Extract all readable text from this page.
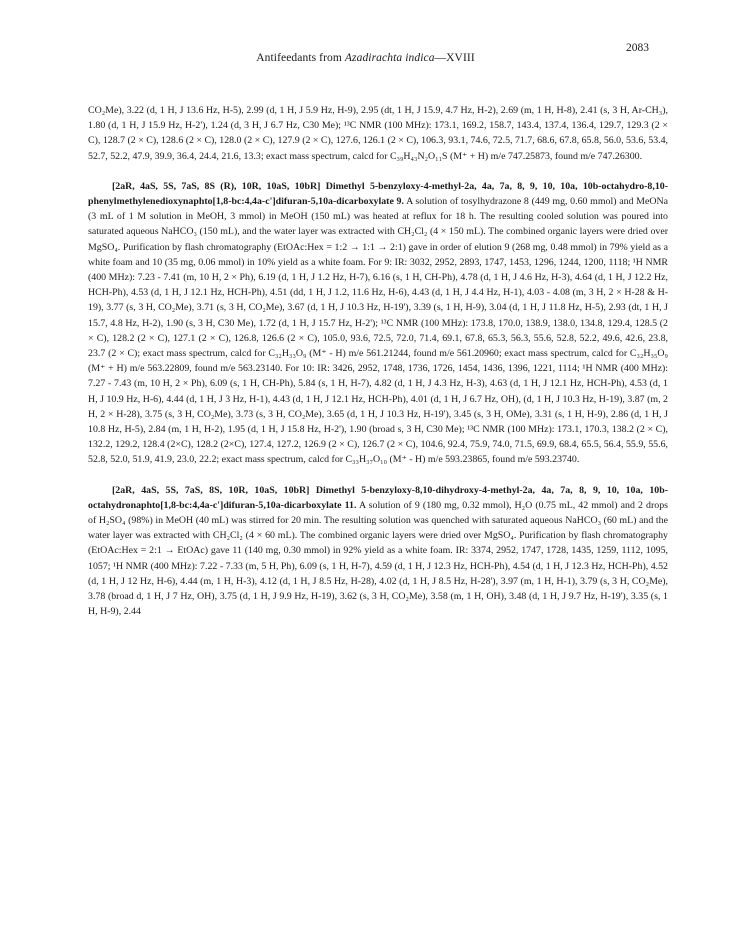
Antifeedants from Azadirachta indica—XVIII
2083

CO₂Me), 3.22 (d, 1 H, J 13.6 Hz, H-5), 2.99 (d, 1 H, J 5.9 Hz, H-9), 2.95 (dt, 1 H, J 15.9, 4.7 Hz, H-2), 2.69 (m, 1 H, H-8), 2.41 (s, 3 H, Ar-CH₃), 1.80 (d, 1 H, J 15.9 Hz, H-2'), 1.24 (d, 3 H, J 6.7 Hz, C30 Me); ¹³C NMR (100 MHz): 173.1, 169.2, 158.7, 143.4, 137.4, 136.4, 129.7, 129.3 (2 × C), 128.7 (2 × C), 128.6 (2 × C), 128.0 (2 × C), 127.9 (2 × C), 127.6, 126.1 (2 × C), 106.3, 93.1, 74.6, 72.5, 71.7, 68.6, 67.8, 65.8, 56.0, 53.6, 53.4, 52.7, 52.2, 47.9, 39.9, 36.4, 24.4, 21.6, 13.3; exact mass spectrum, calcd for C₃₉H₄₃N₂O₁₁S (M⁺ + H) m/e 747.25873, found m/e 747.26300.

[2aR, 4aS, 5S, 7aS, 8S (R), 10R, 10aS, 10bR] Dimethyl 5-benzyloxy-4-methyl-2a, 4a, 7a, 8, 9, 10, 10a, 10b-octahydro-8,10-phenylmethylenedioxynaphto[1,8-bc:4,4a-c']difuran-5,10a-dicarboxylate 9. A solution of tosylhydrazone 8 (449 mg, 0.60 mmol) and MeONa (3 mL of 1 M solution in MeOH, 3 mmol) in MeOH (150 mL) was heated at reflux for 18 h. The resulting cooled solution was poured into saturated aqueous NaHCO₃ (150 mL), and the water layer was extracted with CH₂Cl₂ (4 × 150 mL). The combined organic layers were dried over MgSO₄. Purification by flash chromatography (EtOAc:Hex = 1:2 → 1:1 → 2:1) gave in order of elution 9 (268 mg, 0.48 mmol) in 79% yield as a white foam and 10 (35 mg, 0.06 mmol) in 10% yield as a white foam. For 9: IR: 3032, 2952, 2893, 1747, 1453, 1296, 1244, 1200, 1118; ¹H NMR (400 MHz): 7.23 - 7.41 (m, 10 H, 2 × Ph), 6.19 (d, 1 H, J 1.2 Hz, H-7), 6.16 (s, 1 H, CH-Ph), 4.78 (d, 1 H, J 4.6 Hz, H-3), 4.64 (d, 1 H, J 12.2 Hz, HCH-Ph), 4.53 (d, 1 H, J 12.1 Hz, HCH-Ph), 4.51 (dd, 1 H, J 1.2, 11.6 Hz, H-6), 4.43 (d, 1 H, J 4.4 Hz, H-1), 4.03 - 4.08 (m, 3 H, 2 × H-28 & H-19), 3.77 (s, 3 H, CO₂Me), 3.71 (s, 3 H, CO₂Me), 3.67 (d, 1 H, J 10.3 Hz, H-19'), 3.39 (s, 1 H, H-9), 3.04 (d, 1 H, J 11.8 Hz, H-5), 2.93 (dt, 1 H, J 15.7, 4.8 Hz, H-2), 1.90 (s, 3 H, C30 Me), 1.72 (d, 1 H, J 15.7 Hz, H-2'); ¹³C NMR (100 MHz): 173.8, 170.0, 138.9, 138.0, 134.8, 129.4, 128.5 (2 × C), 128.2 (2 × C), 127.1 (2 × C), 126.8, 126.6 (2 × C), 105.0, 93.6, 72.5, 72.0, 71.4, 69.1, 67.8, 65.3, 56.3, 55.6, 52.8, 52.2, 49.6, 42.6, 23.8, 23.7 (2 × C); exact mass spectrum, calcd for C₃₂H₃₃O₉ (M⁺ - H) m/e 561.21244, found m/e 561.20960; exact mass spectrum, calcd for C₃₂H₃₅O₉ (M⁺ + H) m/e 563.22809, found m/e 563.23140. For 10: IR: 3426, 2952, 1748, 1736, 1726, 1454, 1436, 1396, 1221, 1114; ¹H NMR (400 MHz): 7.27 - 7.43 (m, 10 H, 2 × Ph), 6.09 (s, 1 H, CH-Ph), 5.84 (s, 1 H, H-7), 4.82 (d, 1 H, J 4.3 Hz, H-3), 4.63 (d, 1 H, J 12.1 Hz, HCH-Ph), 4.53 (d, 1 H, J 10.9 Hz, H-6), 4.44 (d, 1 H, J 3 Hz, H-1), 4.43 (d, 1 H, J 12.1 Hz, HCH-Ph), 4.01 (d, 1 H, J 6.7 Hz, OH), (d, 1 H, J 10.3 Hz, H-19), 3.87 (m, 2 H, 2 × H-28), 3.75 (s, 3 H, CO₂Me), 3.73 (s, 3 H, CO₂Me), 3.65 (d, 1 H, J 10.3 Hz, H-19'), 3.45 (s, 3 H, OMe), 3.31 (s, 1 H, H-9), 2.86 (d, 1 H, J 10.8 Hz, H-5), 2.84 (m, 1 H, H-2), 1.95 (d, 1 H, J 15.8 Hz, H-2'), 1.90 (broad s, 3 H, C30 Me); ¹³C NMR (100 MHz): 173.1, 170.3, 138.2 (2 × C), 132.2, 129.2, 128.4 (2×C), 128.2 (2×C), 127.4, 127.2, 126.9 (2 × C), 126.7 (2 × C), 104.6, 92.4, 75.9, 74.0, 71.5, 69.9, 68.4, 65.5, 56.4, 55.9, 55.6, 52.8, 52.0, 51.9, 41.9, 23.0, 22.2; exact mass spectrum, calcd for C₃₃H₃₇O₁₀ (M⁺ - H) m/e 593.23865, found m/e 593.23740.

[2aR, 4aS, 5S, 7aS, 8S, 10R, 10aS, 10bR] Dimethyl 5-benzyloxy-8,10-dihydroxy-4-methyl-2a, 4a, 7a, 8, 9, 10, 10a, 10b-octahydronaphto[1,8-bc:4,4a-c']difuran-5,10a-dicarboxylate 11. A solution of 9 (180 mg, 0.32 mmol), H₂O (0.75 mL, 42 mmol) and 2 drops of H₂SO₄ (98%) in MeOH (40 mL) was stirred for 20 min. The resulting solution was quenched with saturated aqueous NaHCO₃ (60 mL) and the water layer was extracted with CH₂Cl₂ (4 × 60 mL). The combined organic layers were dried over MgSO₄. Purification by flash chromatography (EtOAc:Hex = 2:1 → EtOAc) gave 11 (140 mg, 0.30 mmol) in 92% yield as a white foam. IR: 3374, 2952, 1747, 1728, 1435, 1259, 1112, 1095, 1057; ¹H NMR (400 MHz): 7.22 - 7.33 (m, 5 H, Ph), 6.09 (s, 1 H, H-7), 4.59 (d, 1 H, J 12.3 Hz, HCH-Ph), 4.54 (d, 1 H, J 12.3 Hz, HCH-Ph), 4.52 (d, 1 H, J 12 Hz, H-6), 4.44 (m, 1 H, H-3), 4.12 (d, 1 H, J 8.5 Hz, H-28), 4.02 (d, 1 H, J 8.5 Hz, H-28'), 3.97 (m, 1 H, H-1), 3.79 (s, 3 H, CO₂Me), 3.78 (broad d, 1 H, J 7 Hz, OH), 3.75 (d, 1 H, J 9.9 Hz, H-19), 3.62 (s, 3 H, CO₂Me), 3.58 (m, 1 H, OH), 3.48 (d, 1 H, J 9.7 Hz, H-19'), 3.35 (s, 1 H, H-9), 2.44
